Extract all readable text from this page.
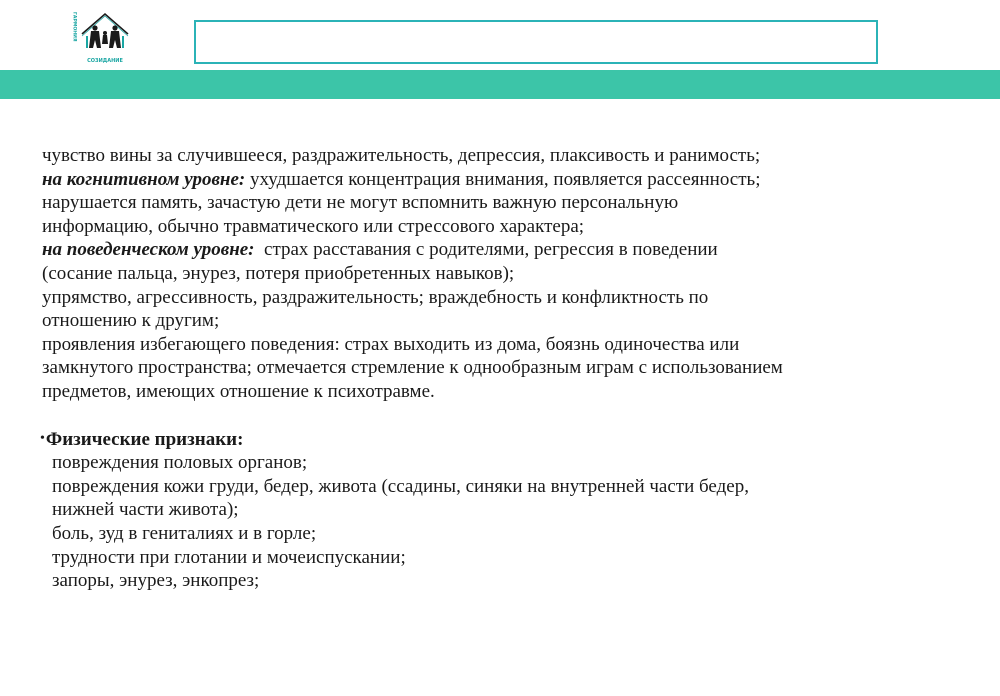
ГАРМОНИЯ
СОЗИДАНИЕ
чувство вины за случившееся, раздражительность, депрессия, плаксивость и ранимость;
на когнитивном уровне: ухудшается концентрация внимания, появляется рассеянность;
нарушается память, зачастую дети не могут вспомнить важную персональную
информацию, обычно травматического или стрессового характера;
на поведенческом уровне:  страх расставания с родителями, регрессия в поведении
(сосание пальца, энурез, потеря приобретенных навыков);
упрямство, агрессивность, раздражительность; враждебность и конфликтность по
отношению к другим;
проявления избегающего поведения: страх выходить из дома, боязнь одиночества или
замкнутого пространства; отмечается стремление к однообразным играм с использованием
предметов, имеющих отношение к психотравме.
•Физические признаки:
повреждения половых органов;
повреждения кожи груди, бедер, живота (ссадины, синяки на внутренней части бедер,
нижней части живота);
боль, зуд в гениталиях и в горле;
трудности при глотании и мочеиспускании;
запоры, энурез, энкопрез;
